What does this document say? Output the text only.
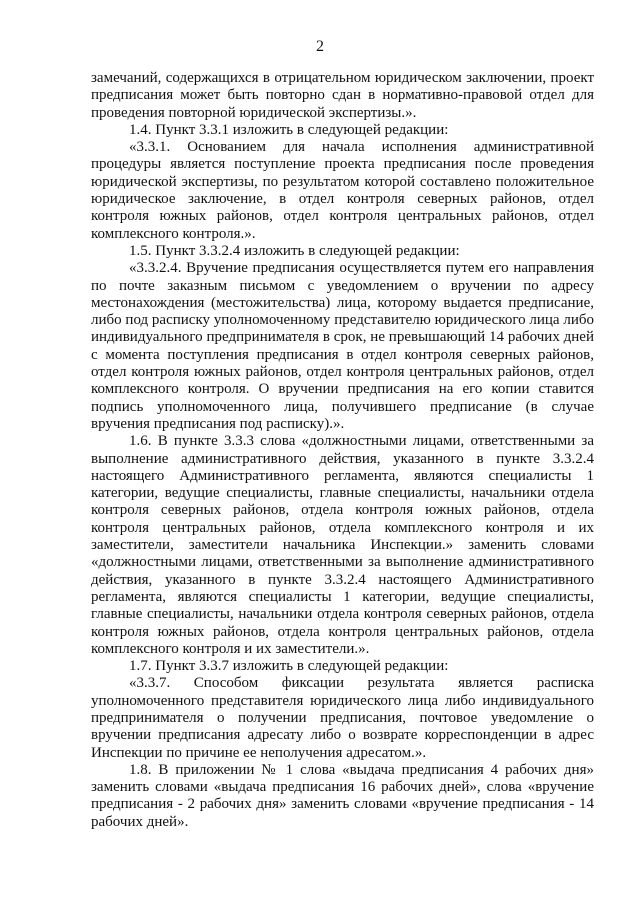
2

замечаний, содержащихся в отрицательном юридическом заключении, проект предписания может быть повторно сдан в нормативно-правовой отдел для проведения повторной юридической экспертизы.».

1.4. Пункт 3.3.1 изложить в следующей редакции:

«3.3.1. Основанием для начала исполнения административной процедуры является поступление проекта предписания после проведения юридической экспертизы, по результатом которой составлено положительное юридическое заключение, в отдел контроля северных районов, отдел контроля южных районов, отдел контроля центральных районов, отдел комплексного контроля.».

1.5. Пункт 3.3.2.4 изложить в следующей редакции:

«3.3.2.4. Вручение предписания осуществляется путем его направления по почте заказным письмом с уведомлением о вручении по адресу местонахождения (местожительства) лица, которому выдается предписание, либо под расписку уполномоченному представителю юридического лица либо индивидуального предпринимателя в срок, не превышающий 14 рабочих дней с момента поступления предписания в отдел контроля северных районов, отдел контроля южных районов, отдел контроля центральных районов, отдел комплексного контроля. О вручении предписания на его копии ставится подпись уполномоченного лица, получившего предписание (в случае вручения предписания под расписку).».

1.6. В пункте 3.3.3 слова «должностными лицами, ответственными за выполнение административного действия, указанного в пункте 3.3.2.4 настоящего Административного регламента, являются специалисты 1 категории, ведущие специалисты, главные специалисты, начальники отдела контроля северных районов, отдела контроля южных районов, отдела контроля центральных районов, отдела комплексного контроля и их заместители, заместители начальника Инспекции.» заменить словами «должностными лицами, ответственными за выполнение административного действия, указанного в пункте 3.3.2.4 настоящего Административного регламента, являются специалисты 1 категории, ведущие специалисты, главные специалисты, начальники отдела контроля северных районов, отдела контроля южных районов, отдела контроля центральных районов, отдела комплексного контроля и их заместители.».

1.7. Пункт 3.3.7 изложить в следующей редакции:

«3.3.7. Способом фиксации результата является расписка уполномоченного представителя юридического лица либо индивидуального предпринимателя о получении предписания, почтовое уведомление о вручении предписания адресату либо о возврате корреспонденции в адрес Инспекции по причине ее неполучения адресатом.».

1.8. В приложении № 1 слова «выдача предписания 4 рабочих дня» заменить словами «выдача предписания 16 рабочих дней», слова «вручение предписания - 2 рабочих дня» заменить словами «вручение предписания - 14 рабочих дней».
